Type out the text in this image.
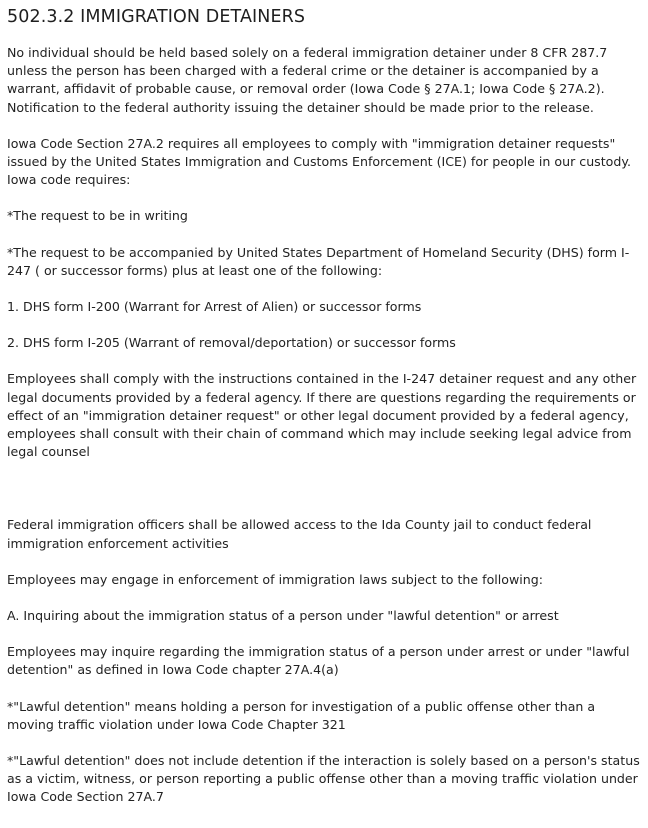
502.3.2 IMMIGRATION DETAINERS

No individual should be held based solely on a federal immigration detainer under 8 CFR 287.7
unless the person has been charged with a federal crime or the detainer is accompanied by a
warrant, affidavit of probable cause, or removal order (Iowa Code § 27A.1; Iowa Code § 27A.2).
Notification to the federal authority issuing the detainer should be made prior to the release.

Iowa Code Section 27A.2 requires all employees to comply with "immigration detainer requests"
issued by the United States Immigration and Customs Enforcement (ICE) for people in our custody.
Iowa code requires:

*The request to be in writing

*The request to be accompanied by United States Department of Homeland Security (DHS) form I-
247 ( or successor forms) plus at least one of the following:

1. DHS form I-200 (Warrant for Arrest of Alien) or successor forms

2. DHS form I-205 (Warrant of removal/deportation) or successor forms

Employees shall comply with the instructions contained in the I-247 detainer request and any other
legal documents provided by a federal agency. If there are questions regarding the requirements or
effect of an "immigration detainer request" or other legal document provided by a federal agency,
employees shall consult with their chain of command which may include seeking legal advice from
legal counsel

Federal immigration officers shall be allowed access to the Ida County jail to conduct federal
immigration enforcement activities

Employees may engage in enforcement of immigration laws subject to the following:

A. Inquiring about the immigration status of a person under "lawful detention" or arrest

Employees may inquire regarding the immigration status of a person under arrest or under "lawful
detention" as defined in Iowa Code chapter 27A.4(a)

*"Lawful detention" means holding a person for investigation of a public offense other than a
moving traffic violation under Iowa Code Chapter 321

*"Lawful detention" does not include detention if the interaction is solely based on a person's status
as a victim, witness, or person reporting a public offense other than a moving traffic violation under
Iowa Code Section 27A.7
